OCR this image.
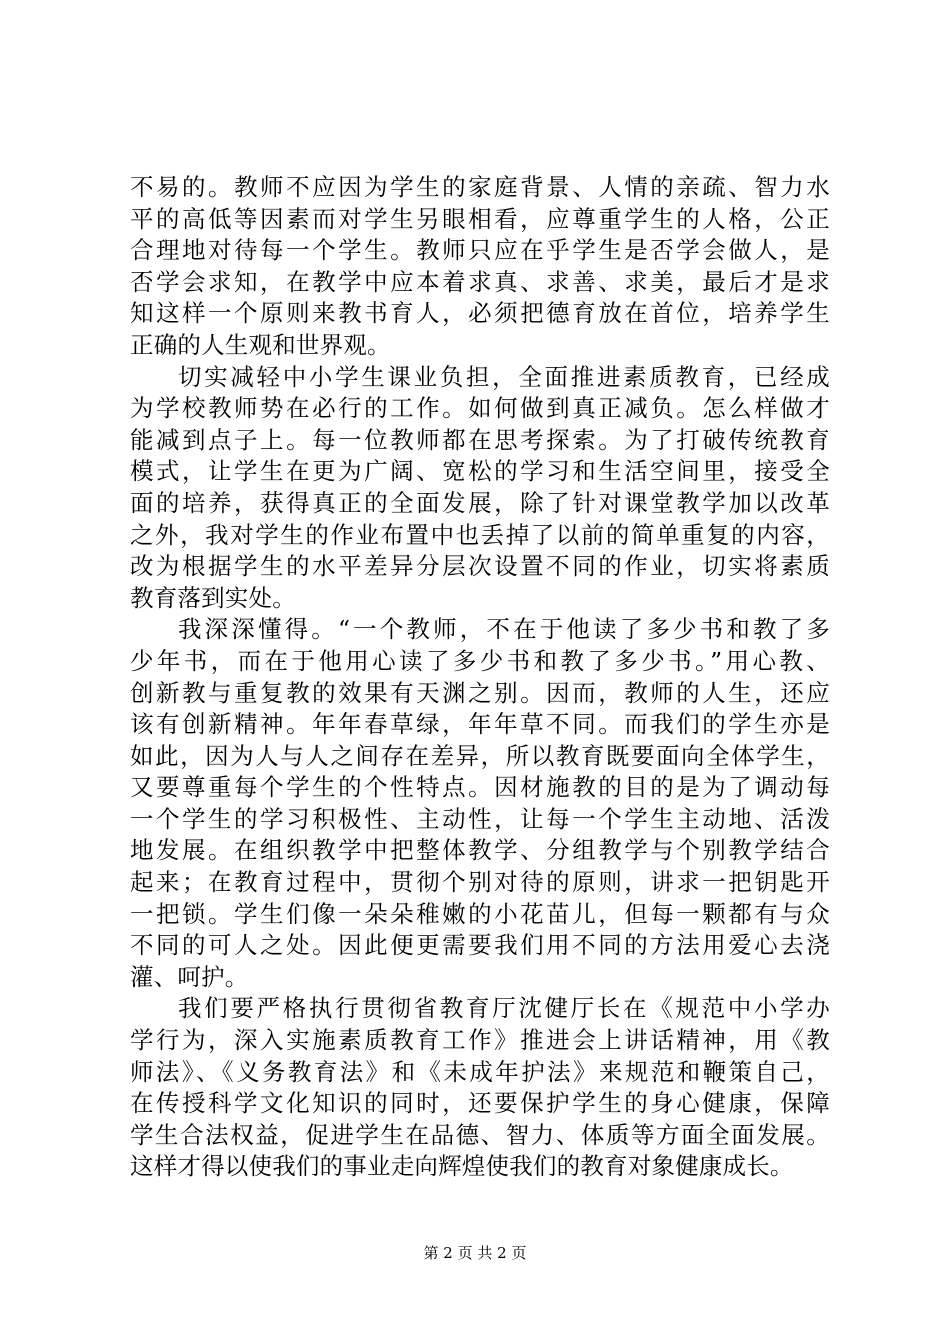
不易的。教师不应因为学生的家庭背景、人情的亲疏、智力水
平的高低等因素而对学生另眼相看，应尊重学生的人格，公正
合理地对待每一个学生。教师只应在乎学生是否学会做人，是
否学会求知，在教学中应本着求真、求善、求美，最后才是求
知这样一个原则来教书育人，必须把德育放在首位，培养学生
正确的人生观和世界观。
切实减轻中小学生课业负担，全面推进素质教育，已经成
为学校教师势在必行的工作。如何做到真正减负。怎么样做才
能减到点子上。每一位教师都在思考探索。为了打破传统教育
模式，让学生在更为广阔、宽松的学习和生活空间里，接受全
面的培养，获得真正的全面发展，除了针对课堂教学加以改革
之外，我对学生的作业布置中也丢掉了以前的简单重复的内容，
改为根据学生的水平差异分层次设置不同的作业，切实将素质
教育落到实处。
我深深懂得。“一个教师，不在于他读了多少书和教了多
少年书，而在于他用心读了多少书和教了多少书。”用心教、
创新教与重复教的效果有天渊之别。因而，教师的人生，还应
该有创新精神。年年春草绿，年年草不同。而我们的学生亦是
如此，因为人与人之间存在差异，所以教育既要面向全体学生，
又要尊重每个学生的个性特点。因材施教的目的是为了调动每
一个学生的学习积极性、主动性，让每一个学生主动地、活泼
地发展。在组织教学中把整体教学、分组教学与个别教学结合
起来；在教育过程中，贯彻个别对待的原则，讲求一把钥匙开
一把锁。学生们像一朵朵稚嫩的小花苗儿，但每一颗都有与众
不同的可人之处。因此便更需要我们用不同的方法用爱心去浇
灌、呵护。
我们要严格执行贯彻省教育厅沈健厅长在《规范中小学办
学行为，深入实施素质教育工作》推进会上讲话精神，用《教
师法》、《义务教育法》和《未成年护法》来规范和鞭策自己，
在传授科学文化知识的同时，还要保护学生的身心健康，保障
学生合法权益，促进学生在品德、智力、体质等方面全面发展。
这样才得以使我们的事业走向辉煌使我们的教育对象健康成长。
第 2 页 共 2 页
